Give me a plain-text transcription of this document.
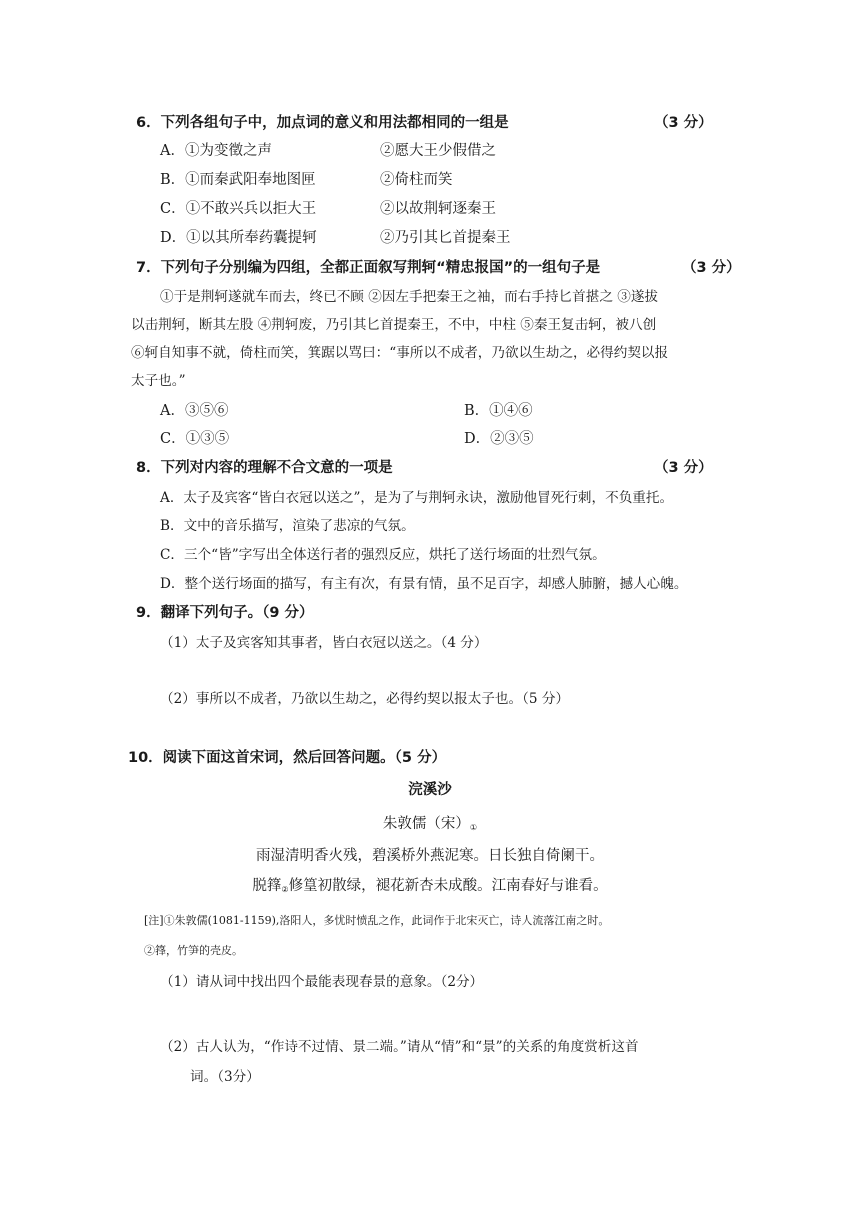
6．下列各组句子中，加点词的意义和用法都相同的一组是	（3 分）
A．①为变徵之声	②愿大王少假借之
B．①而秦武阳奉地图匣	②倚柱而笑
C．①不敢兴兵以拒大王	②以故荆轲逐秦王
D．①以其所奉药囊提轲	②乃引其匕首提秦王
7．下列句子分别编为四组，全都正面叙写荆轲“精忠报国”的一组句子是	（3 分）
①于是荆轲遂就车而去，终已不顾 ②因左手把秦王之袖，而右手持匕首揕之 ③遂拔
以击荆轲，断其左股 ④荆轲废，乃引其匕首提秦王，不中，中柱 ⑤秦王复击轲，被八创
⑥轲自知事不就，倚柱而笑，箕踞以骂曰：“事所以不成者，乃欲以生劫之，必得约契以报
太子也。”
A．③⑤⑥	B．①④⑥
C．①③⑤	D．②③⑤
8．下列对内容的理解不合文意的一项是	（3 分）
A．太子及宾客“皆白衣冠以送之”，是为了与荆轲永诀，激励他冒死行刺，不负重托。
B．文中的音乐描写，渲染了悲凉的气氛。
C．三个“皆”字写出全体送行者的强烈反应，烘托了送行场面的壮烈气氛。
D．整个送行场面的描写，有主有次，有景有情，虽不足百字，却感人肺腑，撼人心魄。
9．翻译下列句子。（9 分）
（1）太子及宾客知其事者，皆白衣冠以送之。（4 分）
（2）事所以不成者，乃欲以生劫之，必得约契以报太子也。（5 分）
10．阅读下面这首宋词，然后回答问题。（5 分）
浣溪沙
朱敦儒（宋）①
雨湿清明香火残，碧溪桥外燕泥寒。日长独自倚阑干。
脱箨②修篁初散绿，褪花新杏未成酸。江南春好与谁看。
[注]①朱敦儒(1081-1159),洛阳人，多忧时愤乱之作，此词作于北宋灭亡，诗人流落江南之时。
②箨，竹笋的壳皮。
（1）请从词中找出四个最能表现春景的意象。（2分）
（2）古人认为，“作诗不过情、景二端。”请从“情”和“景”的关系的角度赏析这首
词。（3分）
